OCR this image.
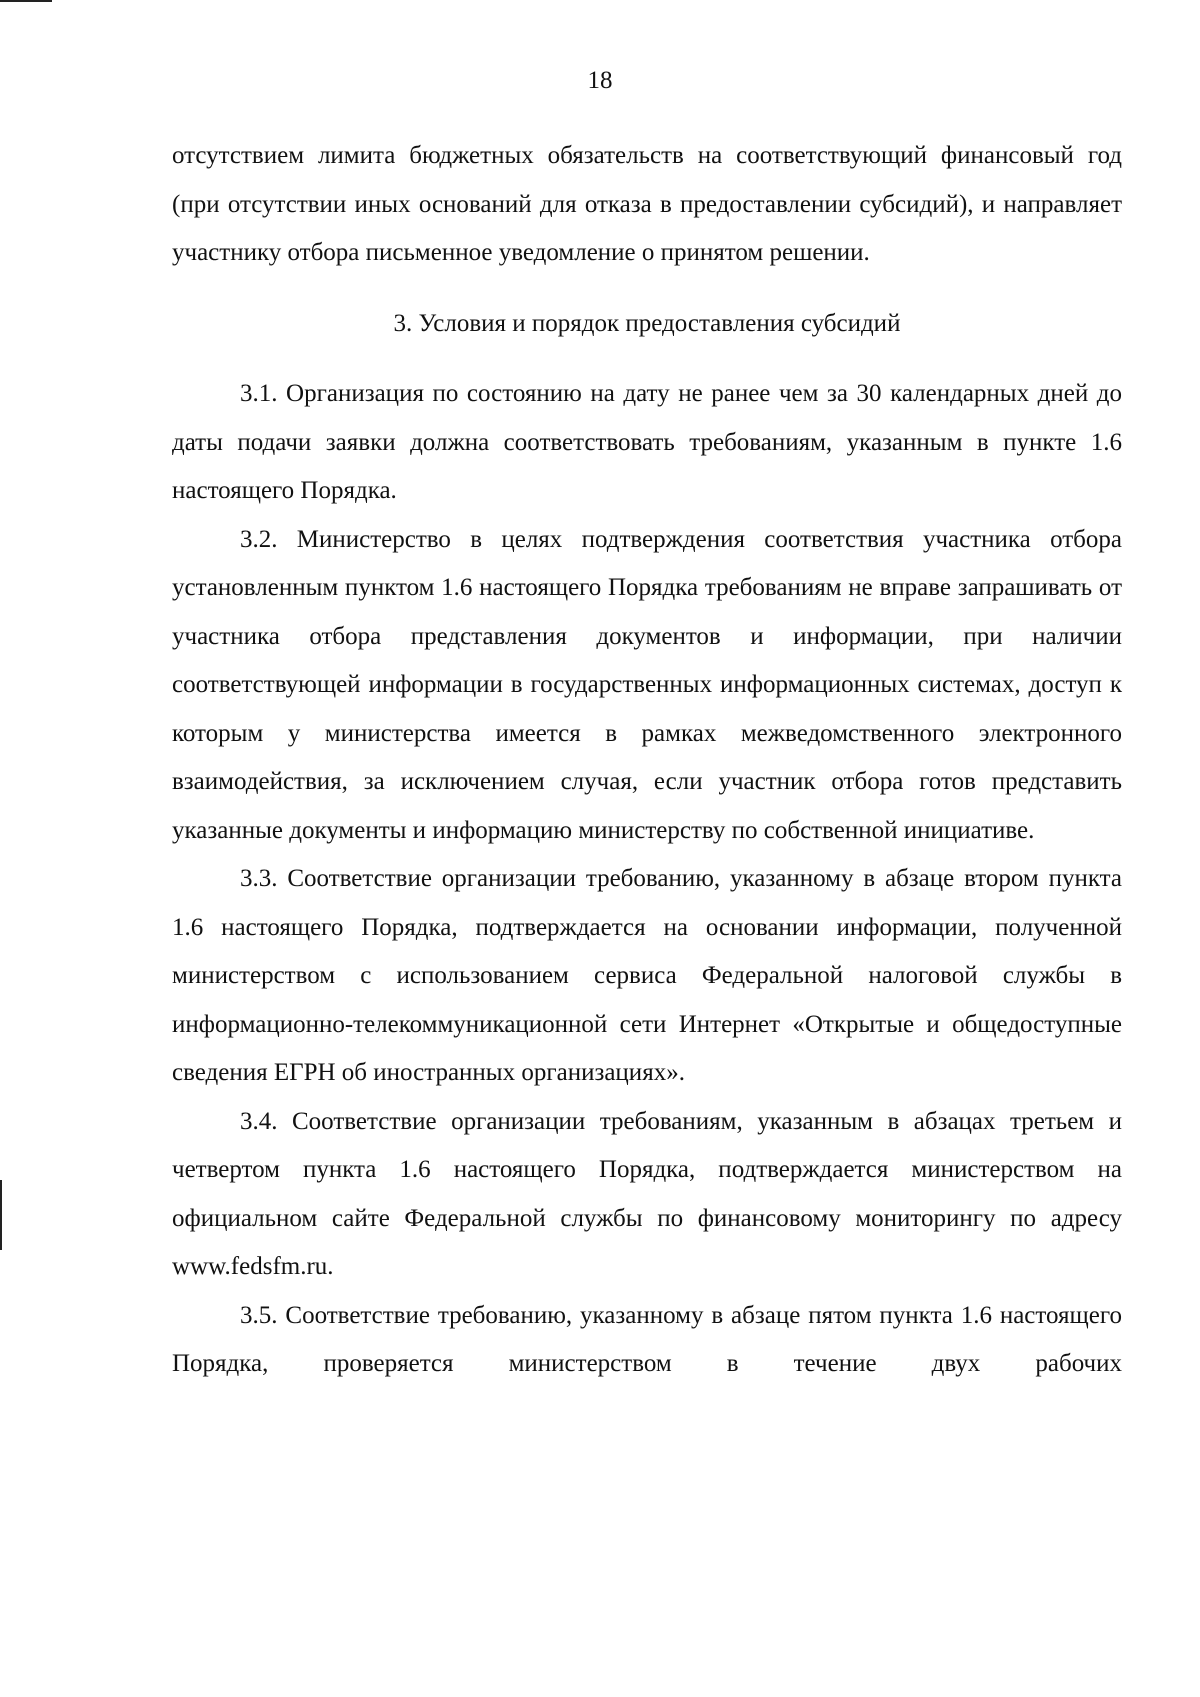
18

отсутствием лимита бюджетных обязательств на соответствующий финансовый год (при отсутствии иных оснований для отказа в предоставлении субсидий), и направляет участнику отбора письменное уведомление о принятом решении.

3. Условия и порядок предоставления субсидий

3.1. Организация по состоянию на дату не ранее чем за 30 календарных дней до даты подачи заявки должна соответствовать требованиям, указанным в пункте 1.6 настоящего Порядка.

3.2. Министерство в целях подтверждения соответствия участника отбора установленным пунктом 1.6 настоящего Порядка требованиям не вправе запрашивать от участника отбора представления документов и информации, при наличии соответствующей информации в государственных информационных системах, доступ к которым у министерства имеется в рамках межведомственного электронного взаимодействия, за исключением случая, если участник отбора готов представить указанные документы и информацию министерству по собственной инициативе.

3.3. Соответствие организации требованию, указанному в абзаце втором пункта 1.6 настоящего Порядка, подтверждается на основании информации, полученной министерством с использованием сервиса Федеральной налоговой службы в информационно-телекоммуникационной сети Интернет «Открытые и общедоступные сведения ЕГРН об иностранных организациях».

3.4. Соответствие организации требованиям, указанным в абзацах третьем и четвертом пункта 1.6 настоящего Порядка, подтверждается министерством на официальном сайте Федеральной службы по финансовому мониторингу по адресу www.fedsfm.ru.

3.5. Соответствие требованию, указанному в абзаце пятом пункта 1.6 настоящего Порядка, проверяется министерством в течение двух рабочих
